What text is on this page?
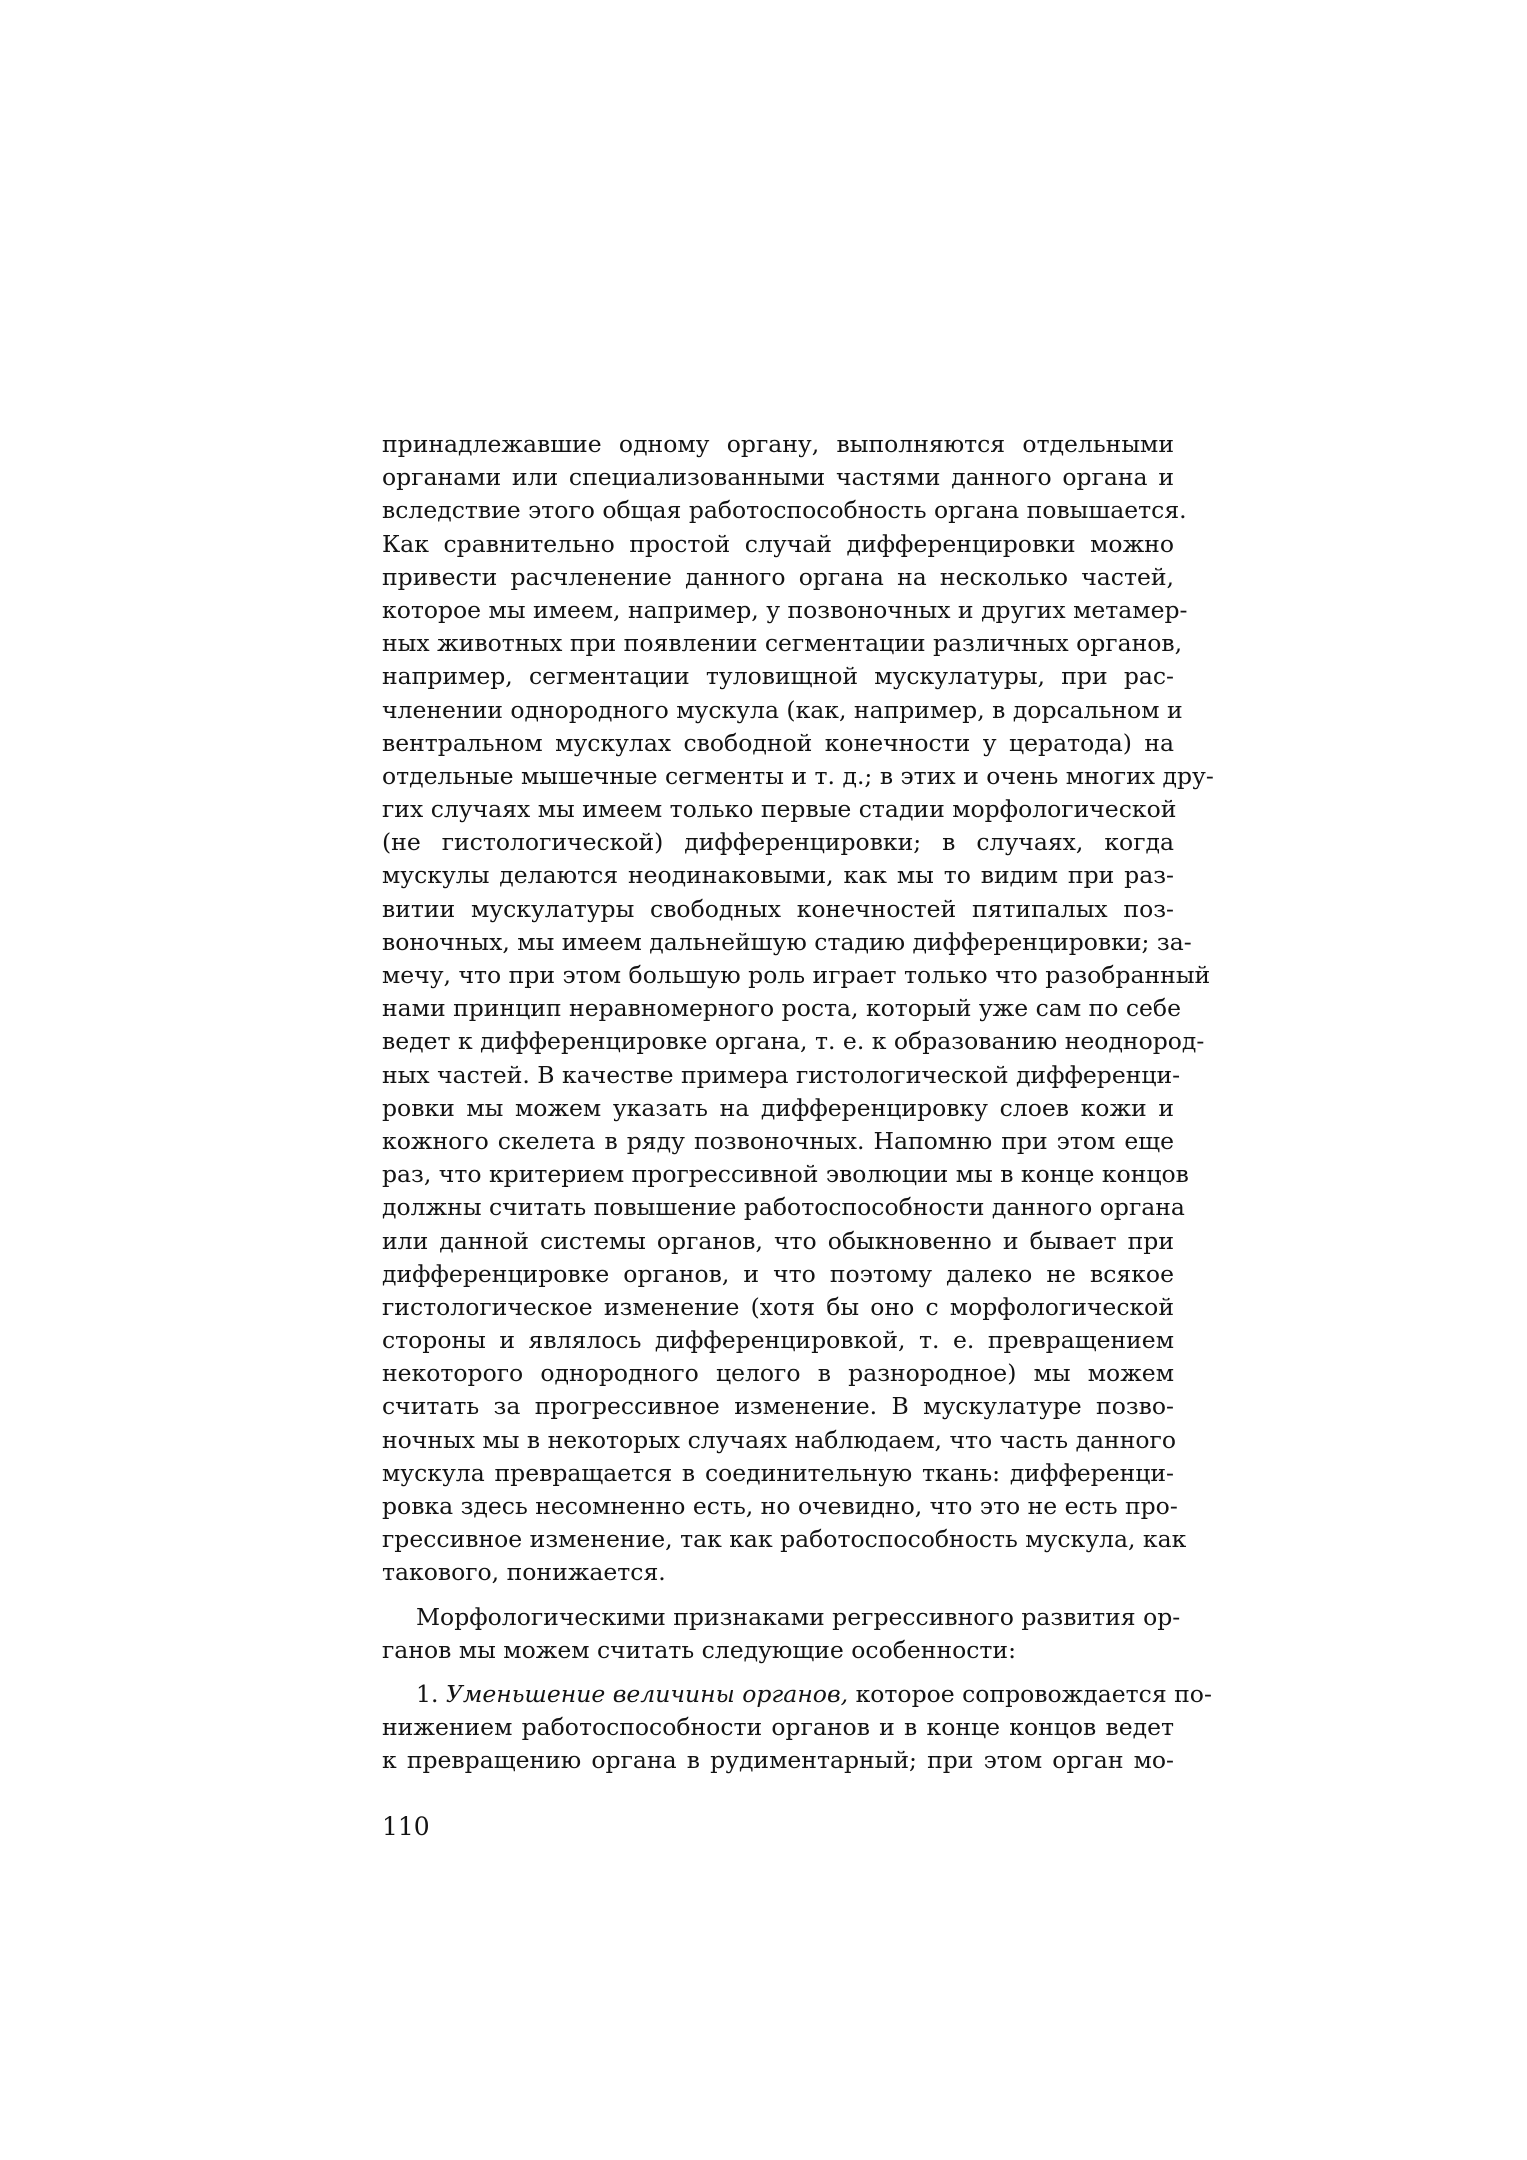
принадлежавшие одному органу, выполняются отдельными
органами или специализованными частями данного органа и
вследствие этого общая работоспособность органа повышается.
Как сравнительно простой случай дифференцировки можно
привести расчленение данного органа на несколько частей,
которое мы имеем, например, у позвоночных и других метамер-
ных животных при появлении сегментации различных органов,
например, сегментации туловищной мускулатуры, при рас-
членении однородного мускула (как, например, в дорсальном и
вентральном мускулах свободной конечности у цератода) на
отдельные мышечные сегменты и т. д.; в этих и очень многих дру-
гих случаях мы имеем только первые стадии морфологической
(не гистологической) дифференцировки; в случаях, когда
мускулы делаются неодинаковыми, как мы то видим при раз-
витии мускулатуры свободных конечностей пятипалых поз-
воночных, мы имеем дальнейшую стадию дифференцировки; за-
мечу, что при этом большую роль играет только что разобранный
нами принцип неравномерного роста, который уже сам по себе
ведет к дифференцировке органа, т. е. к образованию неоднород-
ных частей. В качестве примера гистологической дифференци-
ровки мы можем указать на дифференцировку слоев кожи и
кожного скелета в ряду позвоночных. Напомню при этом еще
раз, что критерием прогрессивной эволюции мы в конце концов
должны считать повышение работоспособности данного органа
или данной системы органов, что обыкновенно и бывает при
дифференцировке органов, и что поэтому далеко не всякое
гистологическое изменение (хотя бы оно с морфологической
стороны и являлось дифференцировкой, т. е. превращением
некоторого однородного целого в разнородное) мы можем
считать за прогрессивное изменение. В мускулатуре позво-
ночных мы в некоторых случаях наблюдаем, что часть данного
мускула превращается в соединительную ткань: дифференци-
ровка здесь несомненно есть, но очевидно, что это не есть про-
грессивное изменение, так как работоспособность мускула, как
такового, понижается.
Морфологическими признаками регрессивного развития ор-
ганов мы можем считать следующие особенности:
1. Уменьшение величины органов, которое сопровождается по-
нижением работоспособности органов и в конце концов ведет
к превращению органа в рудиментарный; при этом орган мо-
110
